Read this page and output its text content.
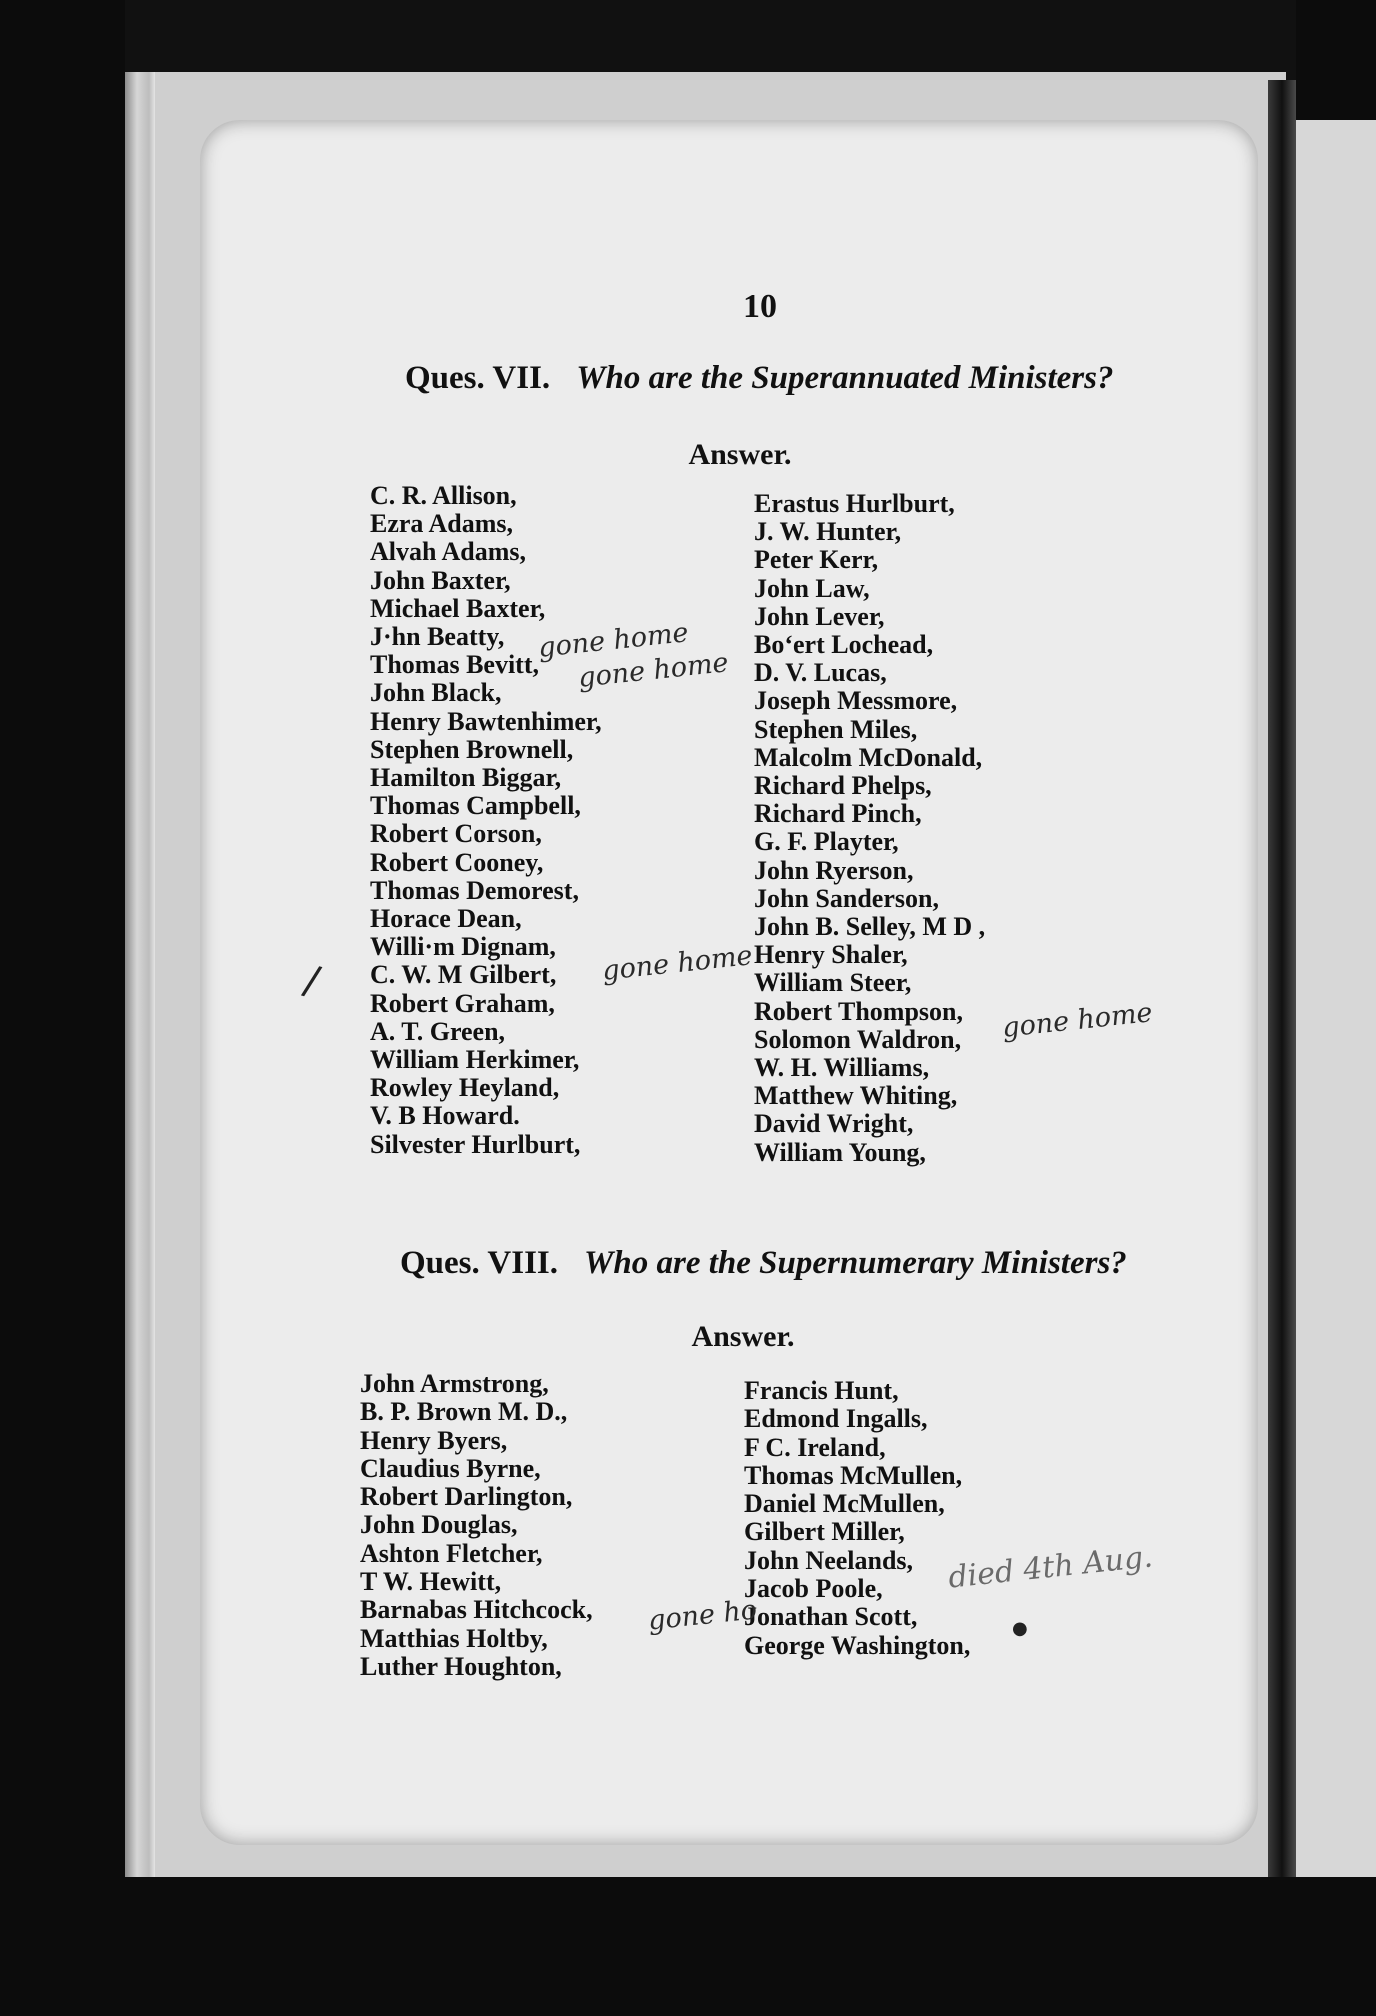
10
Ques. VII. Who are the Superannuated Ministers?
Answer.
C. R. Allison,
Ezra Adams,
Alvah Adams,
John Baxter,
Michael Baxter,
J·hn Beatty,
Thomas Bevitt,
John Black,
Henry Bawtenhimer,
Stephen Brownell,
Hamilton Biggar,
Thomas Campbell,
Robert Corson,
Robert Cooney,
Thomas Demorest,
Horace Dean,
Willi·m Dignam,
C. W. M Gilbert,
Robert Graham,
A. T. Green,
William Herkimer,
Rowley Heyland,
V. B Howard.
Silvester Hurlburt,
Erastus Hurlburt,
J. W. Hunter,
Peter Kerr,
John Law,
John Lever,
Boʻert Lochead,
D. V. Lucas,
Joseph Messmore,
Stephen Miles,
Malcolm McDonald,
Richard Phelps,
Richard Pinch,
G. F. Playter,
John Ryerson,
John Sanderson,
John B. Selley, M D ,
Henry Shaler,
William Steer,
Robert Thompson,
Solomon Waldron,
W. H. Williams,
Matthew Whiting,
David Wright,
William Young,
Ques. VIII. Who are the Supernumerary Ministers?
Answer.
John Armstrong,
B. P. Brown M. D.,
Henry Byers,
Claudius Byrne,
Robert Darlington,
John Douglas,
Ashton Fletcher,
T W. Hewitt,
Barnabas Hitchcock,
Matthias Holtby,
Luther Houghton,
Francis Hunt,
Edmond Ingalls,
F C. Ireland,
Thomas McMullen,
Daniel McMullen,
Gilbert Miller,
John Neelands,
Jacob Poole,
Jonathan Scott,
George Washington,
gone home
gone home
gone home
gone home
gone ho
died 4th Aug.
/
●
